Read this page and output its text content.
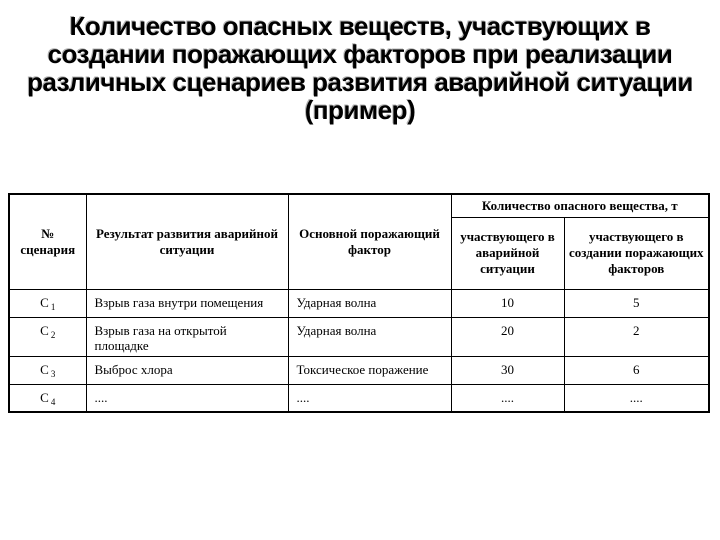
Количество опасных веществ, участвующих в создании поражающих факторов при реализации различных сценариев развития аварийной ситуации (пример)
№ сценария	Результат развития аварийной ситуации	Основной поражающий фактор	Количество опасного вещества, т	
			участвующего в аварийной ситуации	участвующего в создании поражающих факторов
С $_1$	Взрыв газа внутри помещения	Ударная волна	10	5
С $_2$	Взрыв газа на открытой площадке	Ударная волна	20	2
С $_3$	Выброс хлора	Токсическое поражение	30	6
С $_4$	....	....	....	....
